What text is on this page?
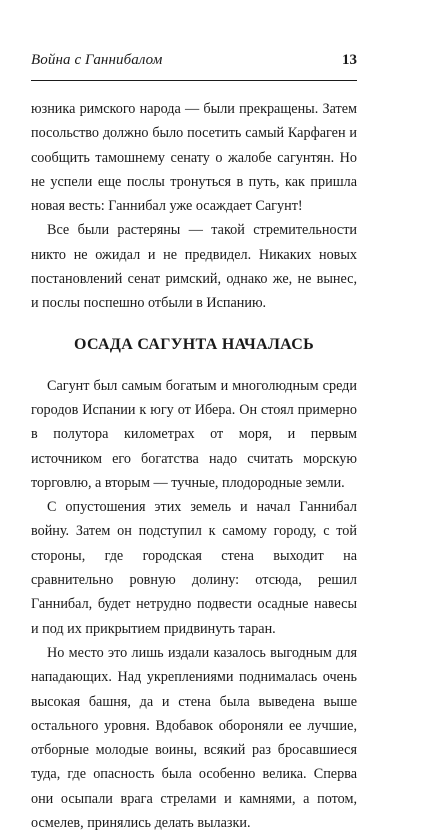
Война с Ганнибалом	13

юзника римского народа — были прекращены. Затем посольство должно было посетить самый Карфаген и сообщить тамошнему сенату о жалобе сагунтян. Но не успели еще послы тронуться в путь, как пришла новая весть: Ганнибал уже осаждает Сагунт!

Все были растеряны — такой стремительности никто не ожидал и не предвидел. Никаких новых постановлений сенат римский, однако же, не вынес, и послы поспешно отбыли в Испанию.

ОСАДА САГУНТА НАЧАЛАСЬ

Сагунт был самым богатым и многолюдным среди городов Испании к югу от Ибера. Он стоял примерно в полутора километрах от моря, и первым источником его богатства надо считать морскую торговлю, а вторым — тучные, плодородные земли.

С опустошения этих земель и начал Ганнибал войну. Затем он подступил к самому городу, с той стороны, где городская стена выходит на сравнительно ровную долину: отсюда, решил Ганнибал, будет нетрудно подвести осадные навесы и под их прикрытием придвинуть таран.

Но место это лишь издали казалось выгодным для нападающих. Над укреплениями поднималась очень высокая башня, да и стена была выведена выше остального уровня. Вдобавок обороняли ее лучшие, отборные молодые воины, всякий раз бросавшиеся туда, где опасность была особенно велика. Сперва они осыпали врага стрелами и камнями, а потом, осмелев, принялись делать вылазки.
